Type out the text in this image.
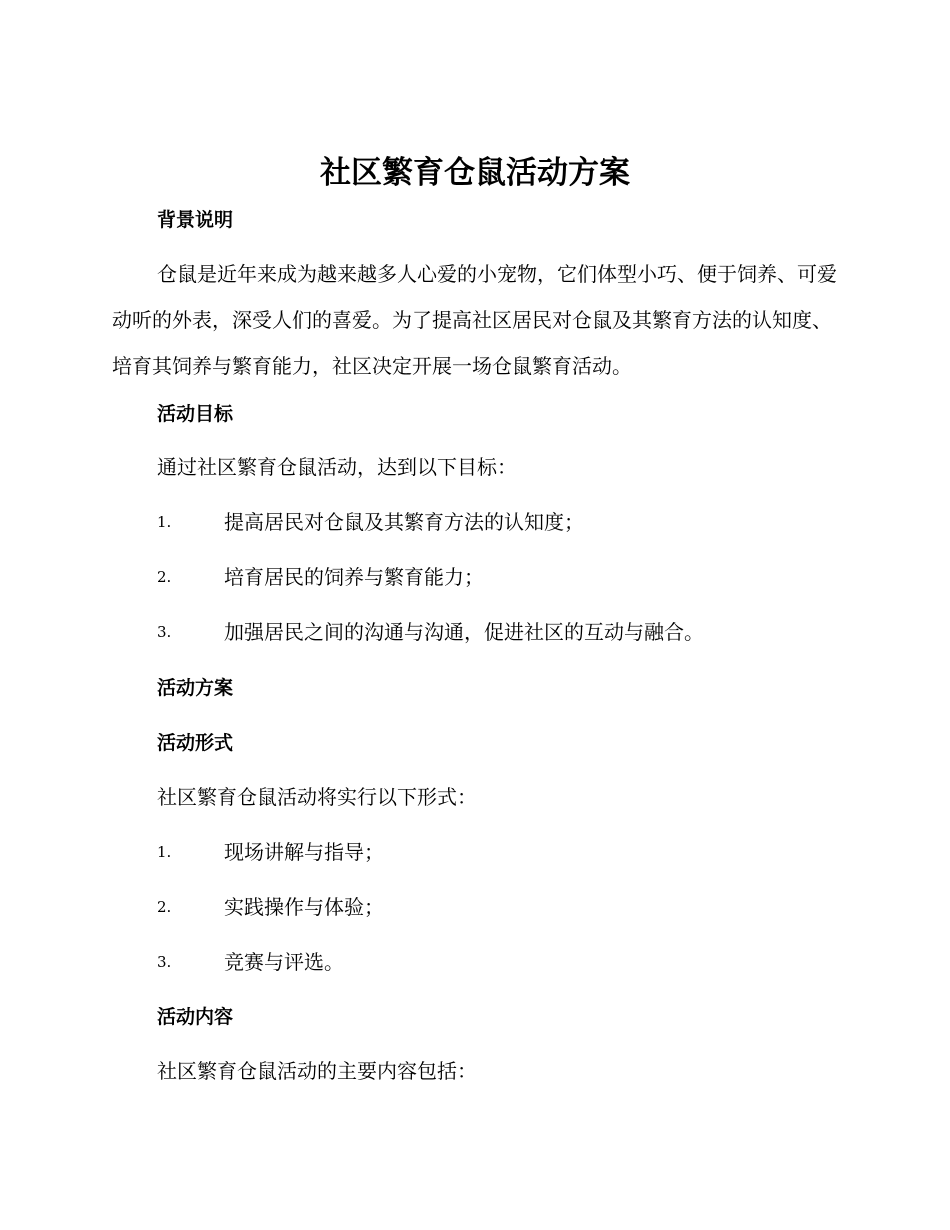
社区繁育仓鼠活动方案
背景说明

仓鼠是近年来成为越来越多人心爱的小宠物，它们体型小巧、便于饲养、可爱动听的外表，深受人们的喜爱。为了提高社区居民对仓鼠及其繁育方法的认知度、培育其饲养与繁育能力，社区决定开展一场仓鼠繁育活动。

活动目标

通过社区繁育仓鼠活动，达到以下目标：

1.	提高居民对仓鼠及其繁育方法的认知度；
2.	培育居民的饲养与繁育能力；
3.	加强居民之间的沟通与沟通，促进社区的互动与融合。
活动方案
活动形式

社区繁育仓鼠活动将实行以下形式：

1.	现场讲解与指导；
2.	实践操作与体验；
3.	竞赛与评选。
活动内容

社区繁育仓鼠活动的主要内容包括：
